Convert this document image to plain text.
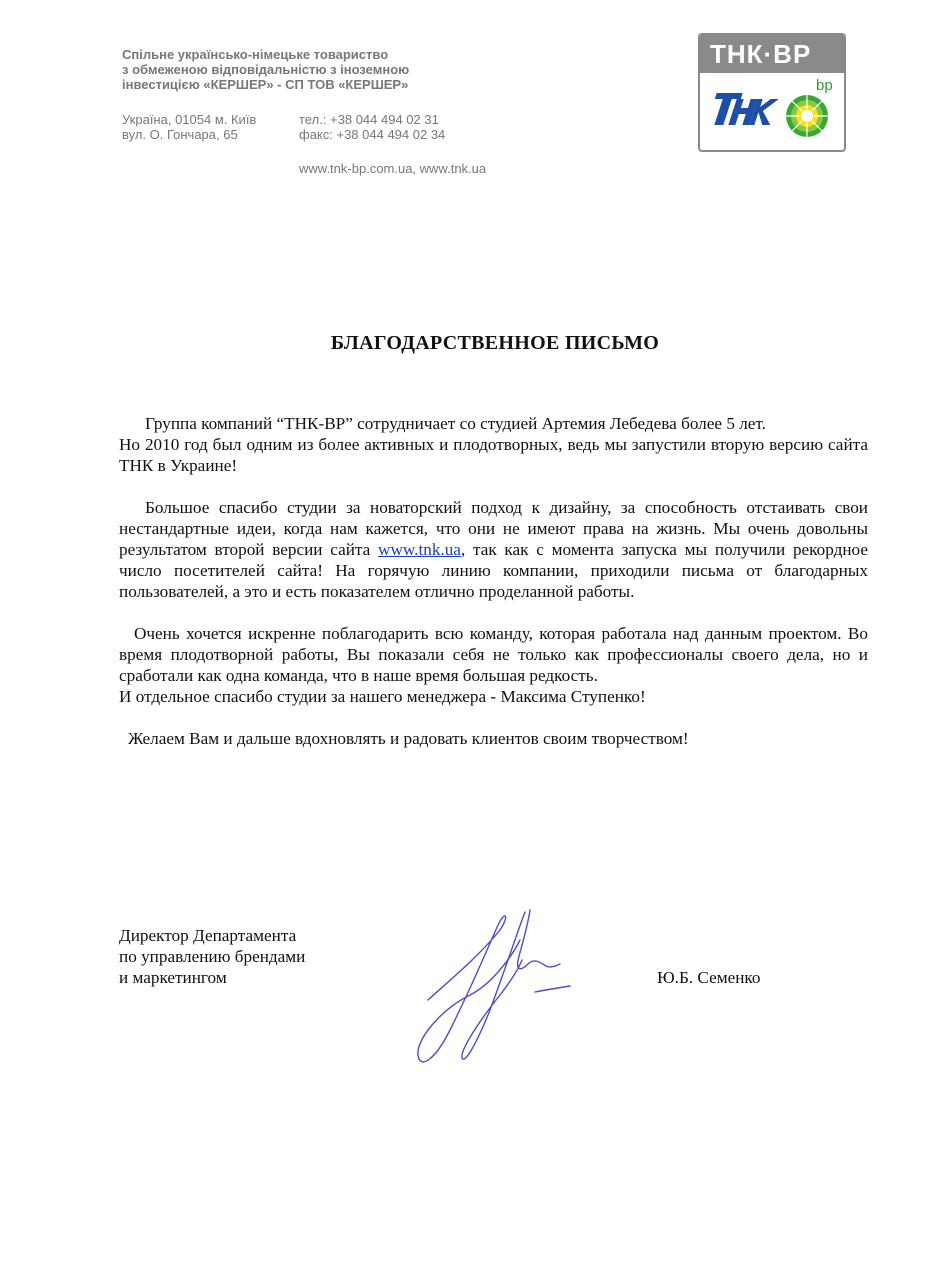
Спільне українсько-німецьке товариство
з обмеженою відповідальністю з іноземною
інвестицією «КЕРШЕР» - СП ТОВ «КЕРШЕР»
Україна, 01054 м. Київ
вул. О. Гончара, 65
тел.: +38 044 494 02 31
факс: +38 044 494 02 34
www.tnk-bp.com.ua, www.tnk.ua
ТНК·ВР
bp
БЛАГОДАРСТВЕННОЕ ПИСЬМО

Группа компаний “ТНК-ВР” сотрудничает со студией Артемия Лебедева более 5 лет.
Но 2010 год был одним из более активных и плодотворных, ведь мы запустили вторую версию сайта ТНК в Украине!

Большое спасибо студии за новаторский подход к дизайну, за способность отстаивать свои нестандартные идеи, когда нам кажется, что они не имеют права на жизнь. Мы очень довольны результатом второй версии сайта www.tnk.ua, так как с момента запуска мы получили рекордное число посетителей сайта! На горячую линию компании, приходили письма от благодарных пользователей, а это и есть показателем отлично проделанной работы.

Очень хочется искренне поблагодарить всю команду, которая работала над данным проектом. Во время плодотворной работы, Вы показали себя не только как профессионалы своего дела, но и сработали как одна команда, что в наше время большая редкость.
И отдельное спасибо студии за нашего менеджера - Максима Ступенко!

Желаем Вам и дальше вдохновлять и радовать клиентов своим творчеством!

Директор Департамента
по управлению брендами
и маркетингом	Ю.Б. Семенко
